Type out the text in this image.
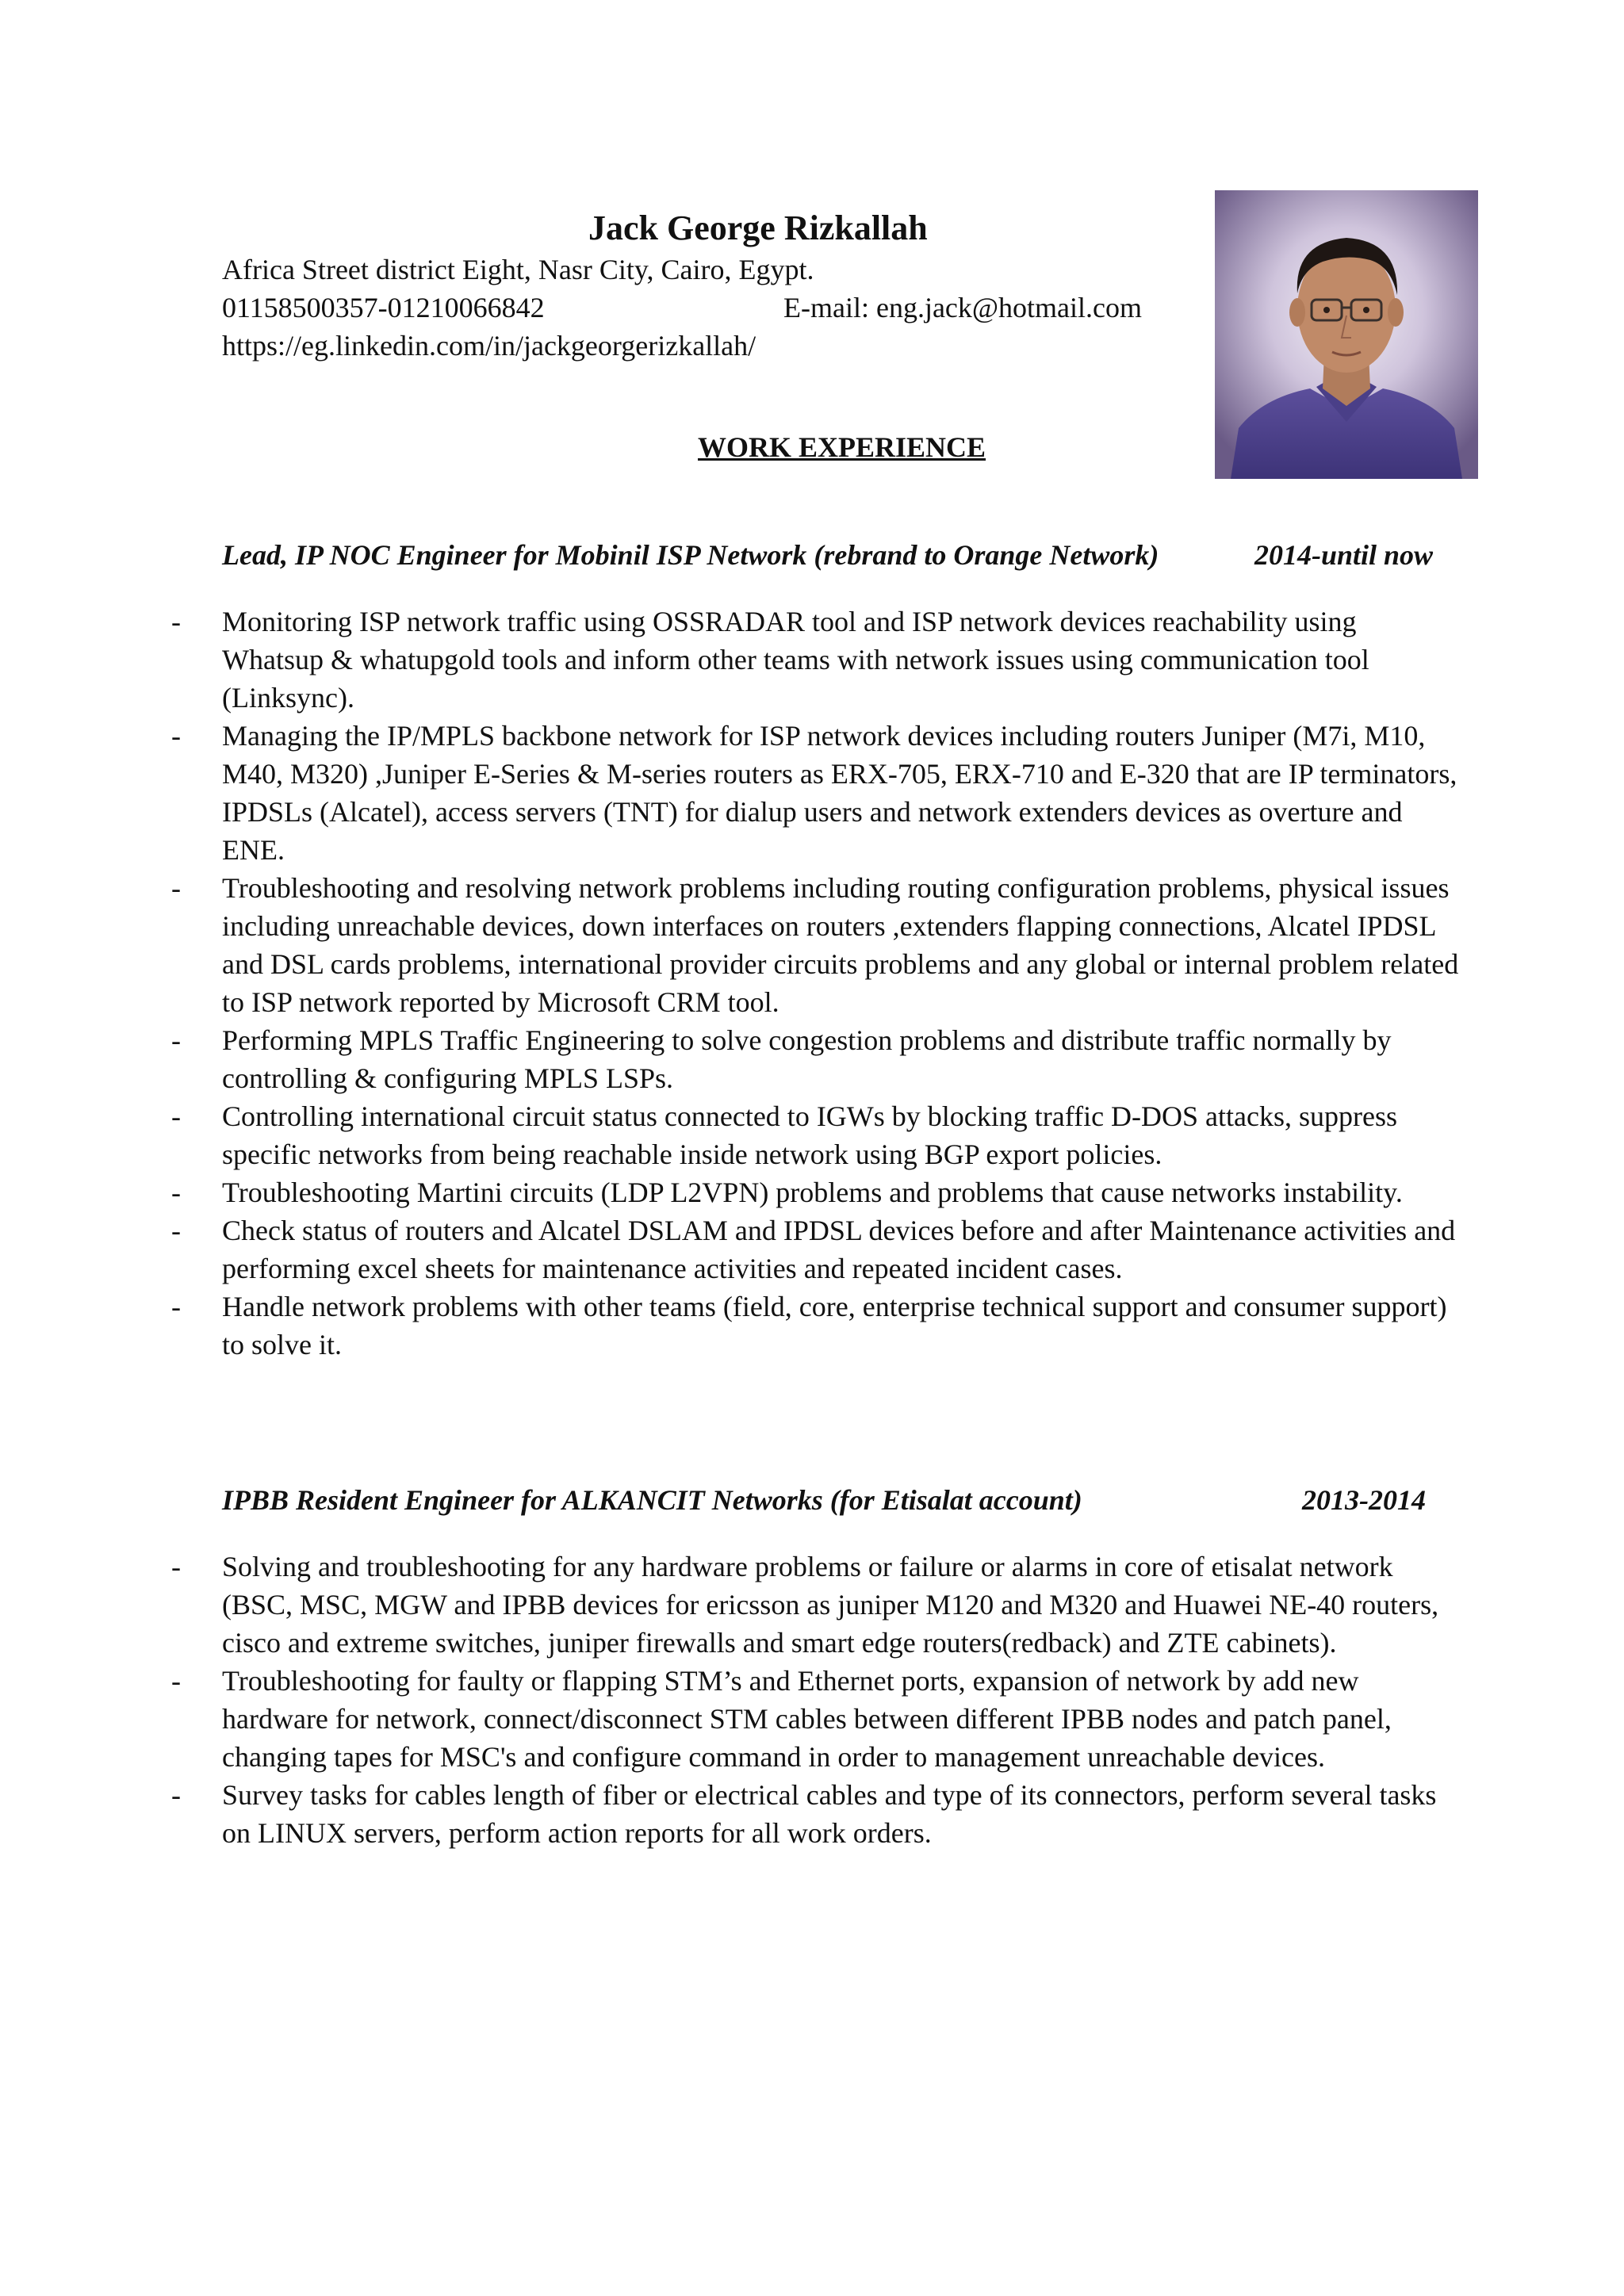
Jack George Rizkallah
Africa Street district Eight, Nasr City, Cairo, Egypt.
01158500357-01210066842	E-mail: eng.jack@hotmail.com
https://eg.linkedin.com/in/jackgeorgerizkallah/
WORK EXPERIENCE
Lead, IP NOC Engineer for Mobinil ISP Network (rebrand to Orange Network)	2014-until now
- Monitoring ISP network traffic using OSSRADAR tool and ISP network devices reachability using Whatsup & whatupgold tools and inform other teams with network issues using communication tool (Linksync).
- Managing the IP/MPLS backbone network for ISP network devices including routers Juniper (M7i, M10, M40, M320) ,Juniper E-Series & M-series routers as ERX-705, ERX-710 and E-320 that are IP terminators, IPDSLs (Alcatel), access servers (TNT) for dialup users and network extenders devices as overture and ENE.
- Troubleshooting and resolving network problems including routing configuration problems, physical issues including unreachable devices, down interfaces on routers ,extenders flapping connections, Alcatel IPDSL and DSL cards problems, international provider circuits problems and any global or internal problem related to ISP network reported by Microsoft CRM tool.
- Performing MPLS Traffic Engineering to solve congestion problems and distribute traffic normally by controlling & configuring MPLS LSPs.
- Controlling international circuit status connected to IGWs by blocking traffic D-DOS attacks, suppress specific networks from being reachable inside network using BGP export policies.
- Troubleshooting Martini circuits (LDP L2VPN) problems and problems that cause networks instability.
- Check status of routers and Alcatel DSLAM and IPDSL devices before and after Maintenance activities and performing excel sheets for maintenance activities and repeated incident cases.
- Handle network problems with other teams (field, core, enterprise technical support and consumer support) to solve it.
IPBB Resident Engineer for ALKANCIT Networks (for Etisalat account)	2013-2014
- Solving and troubleshooting for any hardware problems or failure or alarms in core of etisalat network (BSC, MSC, MGW and IPBB devices for ericsson as juniper M120 and M320 and Huawei NE-40 routers, cisco and extreme switches, juniper firewalls and smart edge routers(redback) and ZTE cabinets).
- Troubleshooting for faulty or flapping STM’s and Ethernet ports, expansion of network by add new hardware for network, connect/disconnect STM cables between different IPBB nodes and patch panel, changing tapes for MSC's and configure command in order to management unreachable devices.
- Survey tasks for cables length of fiber or electrical cables and type of its connectors, perform several tasks on LINUX servers, perform action reports for all work orders.
